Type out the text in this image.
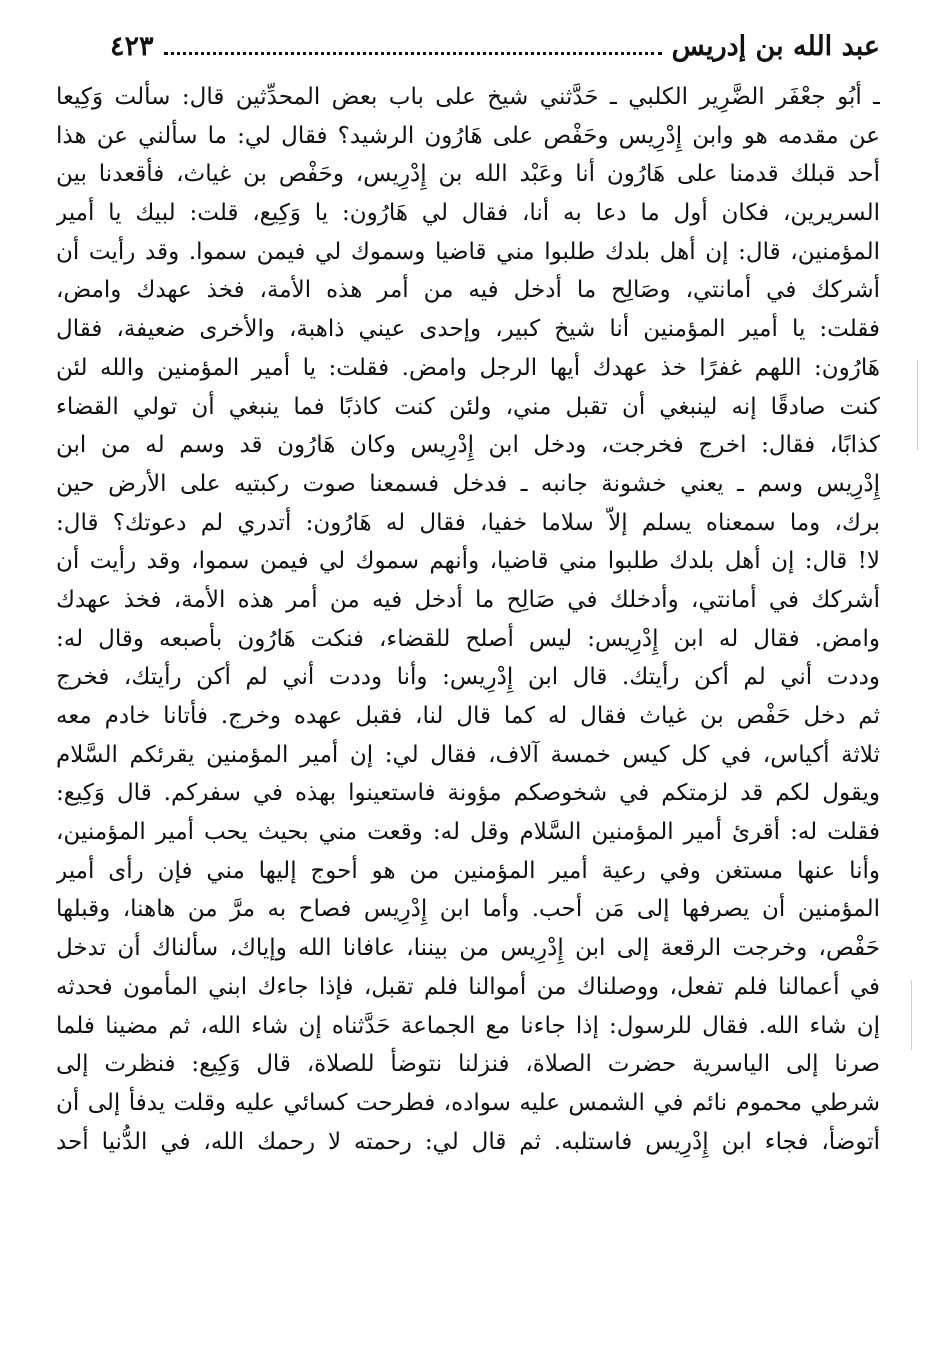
عبد الله بن إدريس
٤٢٣
ـ أبُو جعْفَر الضَّرِير الكلبي ـ حَدَّثني شيخ على باب بعض المحدِّثين قال: سألت وَكِيعا
عن مقدمه هو وابن إِدْرِيس وحَفْص على هَارُون الرشيد؟ فقال لي: ما سألني عن هذا
أحد قبلك قدمنا على هَارُون أنا وعَبْد الله بن إِدْرِيس، وحَفْص بن غياث، فأقعدنا بين
السريرين، فكان أول ما دعا به أنا، فقال لي هَارُون: يا وَكِيع، قلت: لبيك يا أمير
المؤمنين، قال: إن أهل بلدك طلبوا مني قاضيا وسموك لي فيمن سموا. وقد رأيت أن
أشركك في أمانتي، وصَالِح ما أدخل فيه من أمر هذه الأمة، فخذ عهدك وامض،
فقلت: يا أمير المؤمنين أنا شيخ كبير، وإحدى عيني ذاهبة، والأخرى ضعيفة، فقال
هَارُون: اللهم غفرًا خذ عهدك أيها الرجل وامض. فقلت: يا أمير المؤمنين والله لئن
كنت صادقًا إنه لينبغي أن تقبل مني، ولئن كنت كاذبًا فما ينبغي أن تولي القضاء
كذابًا، فقال: اخرج فخرجت، ودخل ابن إِدْرِيس وكان هَارُون قد وسم له من ابن
إِدْرِيس وسم ـ يعني خشونة جانبه ـ فدخل فسمعنا صوت ركبتيه على الأرض حين
برك، وما سمعناه يسلم إلاّ سلاما خفيا، فقال له هَارُون: أتدري لم دعوتك؟ قال:
لا! قال: إن أهل بلدك طلبوا مني قاضيا، وأنهم سموك لي فيمن سموا، وقد رأيت أن
أشركك في أمانتي، وأدخلك في صَالِح ما أدخل فيه من أمر هذه الأمة، فخذ عهدك
وامض. فقال له ابن إِدْرِيس: ليس أصلح للقضاء، فنكت هَارُون بأصبعه وقال له:
وددت أني لم أكن رأيتك. قال ابن إِدْرِيس: وأنا وددت أني لم أكن رأيتك، فخرج
ثم دخل حَفْص بن غياث فقال له كما قال لنا، فقبل عهده وخرج. فأتانا خادم معه
ثلاثة أكياس، في كل كيس خمسة آلاف، فقال لي: إن أمير المؤمنين يقرئكم السَّلام
ويقول لكم قد لزمتكم في شخوصكم مؤونة فاستعينوا بهذه في سفركم. قال وَكِيع:
فقلت له: أقرئ أمير المؤمنين السَّلام وقل له: وقعت مني بحيث يحب أمير المؤمنين،
وأنا عنها مستغن وفي رعية أمير المؤمنين من هو أحوج إليها مني فإن رأى أمير
المؤمنين أن يصرفها إلى مَن أحب. وأما ابن إِدْرِيس فصاح به مرَّ من هاهنا، وقبلها
حَفْص، وخرجت الرقعة إلى ابن إِدْرِيس من بيننا، عافانا الله وإياك، سألناك أن تدخل
في أعمالنا فلم تفعل، ووصلناك من أموالنا فلم تقبل، فإذا جاءك ابني المأمون فحدثه
إن شاء الله. فقال للرسول: إذا جاءنا مع الجماعة حَدَّثناه إن شاء الله، ثم مضينا فلما
صرنا إلى الياسرية حضرت الصلاة، فنزلنا نتوضأ للصلاة، قال وَكِيع: فنظرت إلى
شرطي محموم نائم في الشمس عليه سواده، فطرحت كسائي عليه وقلت يدفأ إلى أن
أتوضأ، فجاء ابن إِدْرِيس فاستلبه. ثم قال لي: رحمته لا رحمك الله، في الدُّنيا أحد
